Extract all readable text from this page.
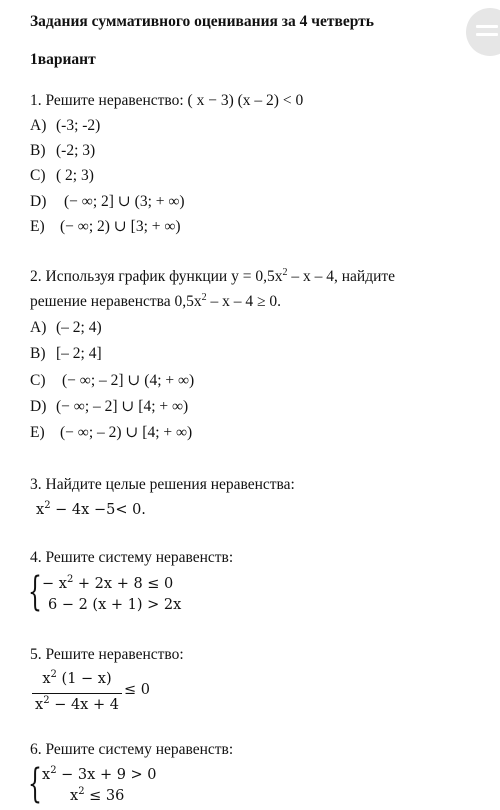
Задания суммативного оценивания за 4 четверть
1вариант
1. Решите неравенство: ( x − 3) (x – 2) < 0
A) (-3; -2)
B) (-2; 3)
C) ( 2; 3)
D) (− ∞; 2] ∪ (3; + ∞)
E) (− ∞; 2) ∪ [3; + ∞)
2. Используя график функции $у = 0,5х^2 - х - 4$, найдите
решение неравенства $0,5х^2 - х - 4 \ge 0$.
A) (– 2; 4)
B) [– 2; 4]
C) (− ∞; – 2] ∪ (4; + ∞)
D) (− ∞; – 2] ∪ [4; + ∞)
E) (− ∞; – 2) ∪ [4; + ∞)
3. Найдите целые решения неравенства:
$x^2 - 4x -5< 0$.
4. Решите систему неравенств:
{ − $x^2 + 2x + 8 \le 0$
6 − 2 (x + 1) > 2x
5. Решите неравенство:
$x^2$ (1 − x)
$x^2 - 4x + 4$
≤ 0
6. Решите систему неравенств:
{ $x^2 - 3x + 9 > 0$
$x^2 \le 36$
